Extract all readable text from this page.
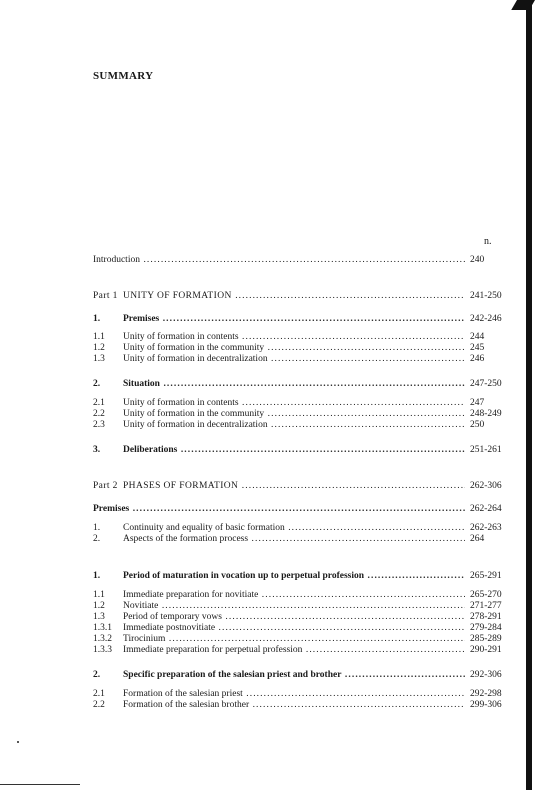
SUMMARY
n.
Introduction .....	240
Part 1 UNITY OF FORMATION .....	241-250
1. Premises .....	242-246
1.1 Unity of formation in contents .....	244
1.2 Unity of formation in the community .....	245
1.3 Unity of formation in decentralization .....	246
2. Situation .....	247-250
2.1 Unity of formation in contents .....	247
2.2 Unity of formation in the community .....	248-249
2.3 Unity of formation in decentralization .....	250
3. Deliberations .....	251-261
Part 2 PHASES OF FORMATION .....	262-306
Premises .....	262-264
1. Continuity and equality of basic formation .....	262-263
2. Aspects of the formation process .....	264
1. Period of maturation in vocation up to perpetual profession .....	265-291
1.1 Immediate preparation for novitiate .....	265-270
1.2 Novitiate .....	271-277
1.3 Period of temporary vows .....	278-291
1.3.1 Immediate postnovitiate .....	279-284
1.3.2 Tirocinium .....	285-289
1.3.3 Immediate preparation for perpetual profession .....	290-291
2. Specific preparation of the salesian priest and brother .....	292-306
2.1 Formation of the salesian priest .....	292-298
2.2 Formation of the salesian brother .....	299-306
